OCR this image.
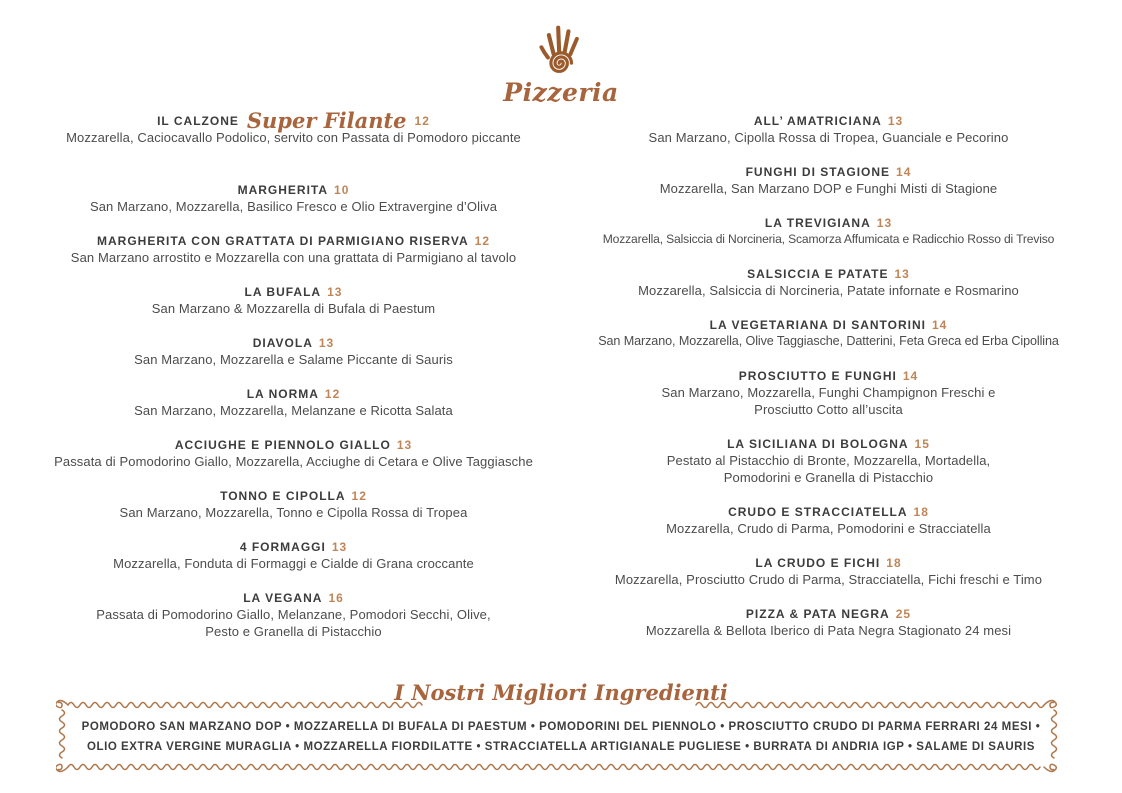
Pizzeria
IL CALZONE Super Filante 12
Mozzarella, Caciocavallo Podolico, servito con Passata di Pomodoro piccante
MARGHERITA 10
San Marzano, Mozzarella, Basilico Fresco e Olio Extravergine d’Oliva
MARGHERITA CON GRATTATA DI PARMIGIANO RISERVA 12
San Marzano arrostito e Mozzarella con una grattata di Parmigiano al tavolo
LA BUFALA 13
San Marzano & Mozzarella di Bufala di Paestum
DIAVOLA 13
San Marzano, Mozzarella e Salame Piccante di Sauris
LA NORMA 12
San Marzano, Mozzarella, Melanzane e Ricotta Salata
ACCIUGHE E PIENNOLO GIALLO 13
Passata di Pomodorino Giallo, Mozzarella, Acciughe di Cetara e Olive Taggiasche
TONNO E CIPOLLA 12
San Marzano, Mozzarella, Tonno e Cipolla Rossa di Tropea
4 FORMAGGI 13
Mozzarella, Fonduta di Formaggi e Cialde di Grana croccante
LA VEGANA 16
Passata di Pomodorino Giallo, Melanzane, Pomodori Secchi, Olive,
Pesto e Granella di Pistacchio
ALL’ AMATRICIANA 13
San Marzano, Cipolla Rossa di Tropea, Guanciale e Pecorino
FUNGHI DI STAGIONE 14
Mozzarella, San Marzano DOP e Funghi Misti di Stagione
LA TREVIGIANA 13
Mozzarella, Salsiccia di Norcineria, Scamorza Affumicata e Radicchio Rosso di Treviso
SALSICCIA E PATATE 13
Mozzarella, Salsiccia di Norcineria, Patate infornate e Rosmarino
LA VEGETARIANA DI SANTORINI 14
San Marzano, Mozzarella, Olive Taggiasche, Datterini, Feta Greca ed Erba Cipollina
PROSCIUTTO E FUNGHI 14
San Marzano, Mozzarella, Funghi Champignon Freschi e
Prosciutto Cotto all’uscita
LA SICILIANA DI BOLOGNA 15
Pestato al Pistacchio di Bronte, Mozzarella, Mortadella,
Pomodorini e Granella di Pistacchio
CRUDO E STRACCIATELLA 18
Mozzarella, Crudo di Parma, Pomodorini e Stracciatella
LA CRUDO E FICHI 18
Mozzarella, Prosciutto Crudo di Parma, Stracciatella, Fichi freschi e Timo
PIZZA & PATA NEGRA 25
Mozzarella & Bellota Iberico di Pata Negra Stagionato 24 mesi
I Nostri Migliori Ingredienti
POMODORO SAN MARZANO DOP • MOZZARELLA DI BUFALA DI PAESTUM • POMODORINI DEL PIENNOLO • PROSCIUTTO CRUDO DI PARMA FERRARI 24 MESI •
OLIO EXTRA VERGINE MURAGLIA • MOZZARELLA FIORDILATTE • STRACCIATELLA ARTIGIANALE PUGLIESE • BURRATA DI ANDRIA IGP • SALAME DI SAURIS
